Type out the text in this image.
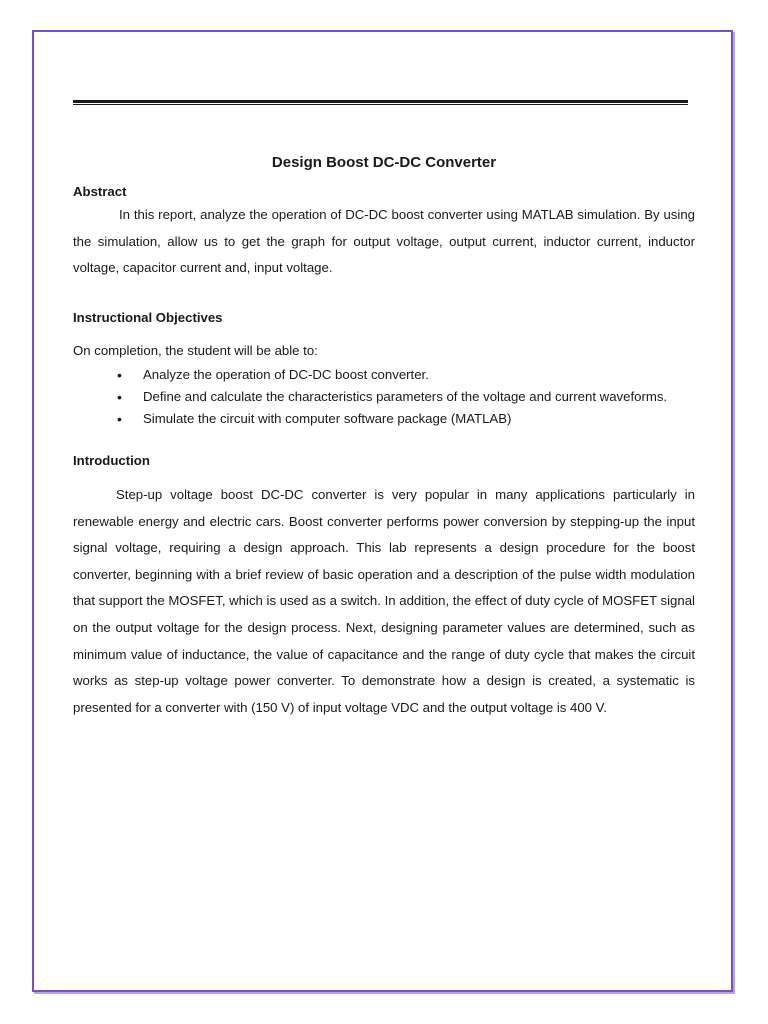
Design Boost DC-DC Converter
Abstract

In this report, analyze the operation of DC-DC boost converter using MATLAB simulation. By using the simulation, allow us to get the graph for output voltage, output current, inductor current, inductor voltage, capacitor current and, input voltage.

Instructional Objectives

On completion, the student will be able to:

• Analyze the operation of DC-DC boost converter.
• Define and calculate the characteristics parameters of the voltage and current waveforms.
• Simulate the circuit with computer software package (MATLAB)
Introduction

Step-up voltage boost DC-DC converter is very popular in many applications particularly in renewable energy and electric cars. Boost converter performs power conversion by stepping-up the input signal voltage, requiring a design approach. This lab represents a design procedure for the boost converter, beginning with a brief review of basic operation and a description of the pulse width modulation that support the MOSFET, which is used as a switch. In addition, the effect of duty cycle of MOSFET signal on the output voltage for the design process. Next, designing parameter values are determined, such as minimum value of inductance, the value of capacitance and the range of duty cycle that makes the circuit works as step-up voltage power converter. To demonstrate how a design is created, a systematic is presented for a converter with (150 V) of input voltage VDC and the output voltage is 400 V.
